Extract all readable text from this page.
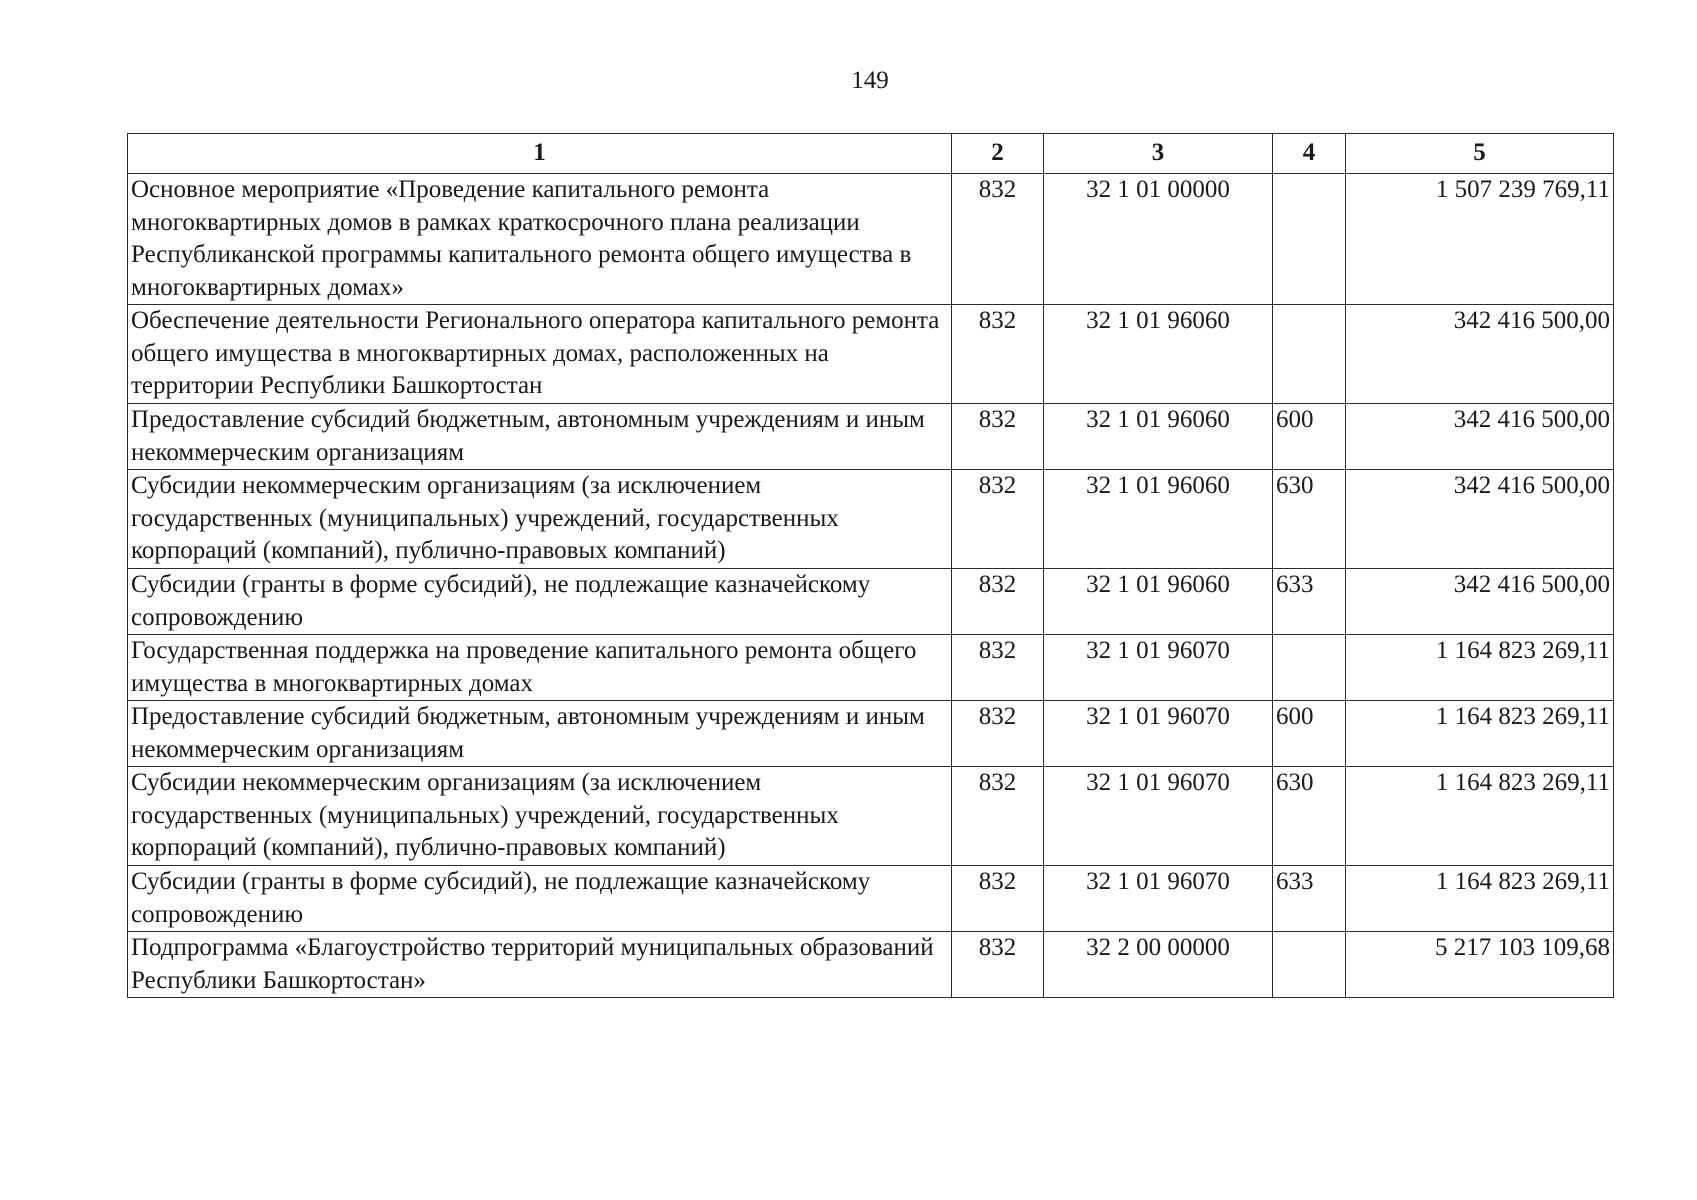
149
1	2	3	4	5
Основное мероприятие «Проведение капитального ремонта многоквартирных домов в рамках краткосрочного плана реализации Республиканской программы капитального ремонта общего имущества в многоквартирных домах»	832	32 1 01 00000		1 507 239 769,11
Обеспечение деятельности Регионального оператора капитального ремонта общего имущества в многоквартирных домах, расположенных на территории Республики Башкортостан	832	32 1 01 96060		342 416 500,00
Предоставление субсидий бюджетным, автономным учреждениям и иным некоммерческим организациям	832	32 1 01 96060	600	342 416 500,00
Субсидии некоммерческим организациям (за исключением государственных (муниципальных) учреждений, государственных корпораций (компаний), публично-правовых компаний)	832	32 1 01 96060	630	342 416 500,00
Субсидии (гранты в форме субсидий), не подлежащие казначейскому сопровождению	832	32 1 01 96060	633	342 416 500,00
Государственная поддержка на проведение капитального ремонта общего имущества в многоквартирных домах	832	32 1 01 96070		1 164 823 269,11
Предоставление субсидий бюджетным, автономным учреждениям и иным некоммерческим организациям	832	32 1 01 96070	600	1 164 823 269,11
Субсидии некоммерческим организациям (за исключением государственных (муниципальных) учреждений, государственных корпораций (компаний), публично-правовых компаний)	832	32 1 01 96070	630	1 164 823 269,11
Субсидии (гранты в форме субсидий), не подлежащие казначейскому сопровождению	832	32 1 01 96070	633	1 164 823 269,11
Подпрограмма «Благоустройство территорий муниципальных образований Республики Башкортостан»	832	32 2 00 00000		5 217 103 109,68
